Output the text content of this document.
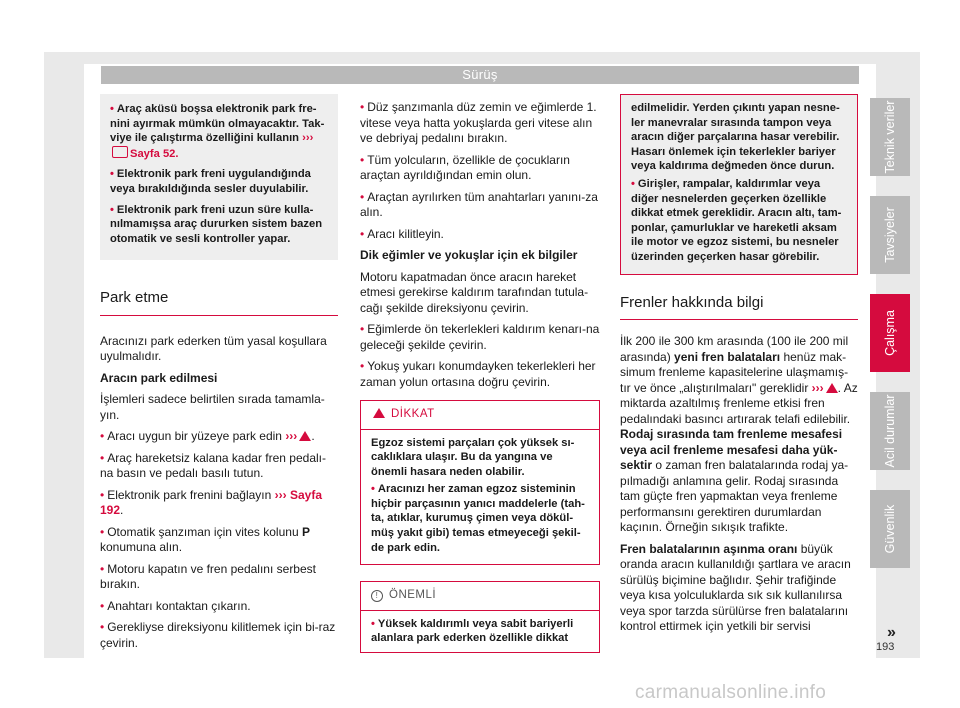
Sürüş

• Araç aküsü boşsa elektronik park fre-nini ayırmak mümkün olmayacaktır. Tak-viye ile çalıştırma özelliğini kullanın ›››Sayfa 52.

• Elektronik park freni uygulandığında veya bırakıldığında sesler duyulabilir.

• Elektronik park freni uzun süre kulla-nılmamışsa araç dururken sistem bazen otomatik ve sesli kontroller yapar.

Park etme

Aracınızı park ederken tüm yasal koşullara uyulmalıdır.

Aracın park edilmesi

İşlemleri sadece belirtilen sırada tamamla-yın.

• Aracı uygun bir yüzeye park edin ››› .

• Araç hareketsiz kalana kadar fren pedalı-na basın ve pedalı basılı tutun.

• Elektronik park frenini bağlayın ››› Sayfa 192.

• Otomatik şanzıman için vites kolunu P konumuna alın.

• Motoru kapatın ve fren pedalını serbest bırakın.

• Anahtarı kontaktan çıkarın.

• Gerekliyse direksiyonu kilitlemek için bi-raz çevirin.

• Düz şanzımanla düz zemin ve eğimlerde 1. vitese veya hatta yokuşlarda geri vitese alın ve debriyaj pedalını bırakın.

• Tüm yolcuların, özellikle de çocukların araçtan ayrıldığından emin olun.

• Araçtan ayrılırken tüm anahtarları yanını-za alın.

• Aracı kilitleyin.

Dik eğimler ve yokuşlar için ek bilgiler

Motoru kapatmadan önce aracın hareket etmesi gerekirse kaldırım tarafından tutula-cağı şekilde direksiyonu çevirin.

• Eğimlerde ön tekerlekleri kaldırım kenarı-na geleceği şekilde çevirin.

• Yokuş yukarı konumdayken tekerlekleri her zaman yolun ortasına doğru çevirin.

DİKKAT

Egzoz sistemi parçaları çok yüksek sı-caklıklara ulaşır. Bu da yangına ve önemli hasara neden olabilir.

• Aracınızı her zaman egzoz sisteminin hiçbir parçasının yanıcı maddelerle (tah-ta, atıklar, kurumuş çimen veya dökül-müş yakıt gibi) temas etmeyeceği şekil-de park edin.

! ÖNEMLİ
• Yüksek kaldırımlı veya sabit bariyerli alanlara park ederken özellikle dikkat

edilmelidir. Yerden çıkıntı yapan nesne-ler manevralar sırasında tampon veya aracın diğer parçalarına hasar verebilir. Hasarı önlemek için tekerlekler bariyer veya kaldırıma değmeden önce durun.

• Girişler, rampalar, kaldırımlar veya diğer nesnelerden geçerken özellikle dikkat etmek gereklidir. Aracın altı, tam-ponlar, çamurluklar ve hareketli aksam ile motor ve egzoz sistemi, bu nesneler üzerinden geçerken hasar görebilir.

Frenler hakkında bilgi

İlk 200 ile 300 km arasında (100 ile 200 mil arasında) yeni fren balataları henüz mak-simum frenleme kapasitelerine ulaşmamış-tır ve önce „alıştırılmaları" gereklidir ››› . Az miktarda azaltılmış frenleme etkisi fren pedalındaki basıncı artırarak telafi edilebilir. Rodaj sırasında tam frenleme mesafesi veya acil frenleme mesafesi daha yük-sektir o zaman fren balatalarında rodaj ya-pılmadığı anlamına gelir. Rodaj sırasında tam güçte fren yapmaktan veya frenleme performansını gerektiren durumlardan kaçının. Örneğin sıkışık trafikte.

Fren balatalarının aşınma oranı büyük oranda aracın kullanıldığı şartlara ve aracın sürülüş biçimine bağlıdır. Şehir trafiğinde veya kısa yolculuklarda sık sık kullanılırsa veya spor tarzda sürülürse fren balatalarını kontrol ettirmek için yetkili bir servisi

Teknik veriler
Tavsiyeler
Çalışma
Acil durumlar
Güvenlik
»
193
carmanualsonline.info
